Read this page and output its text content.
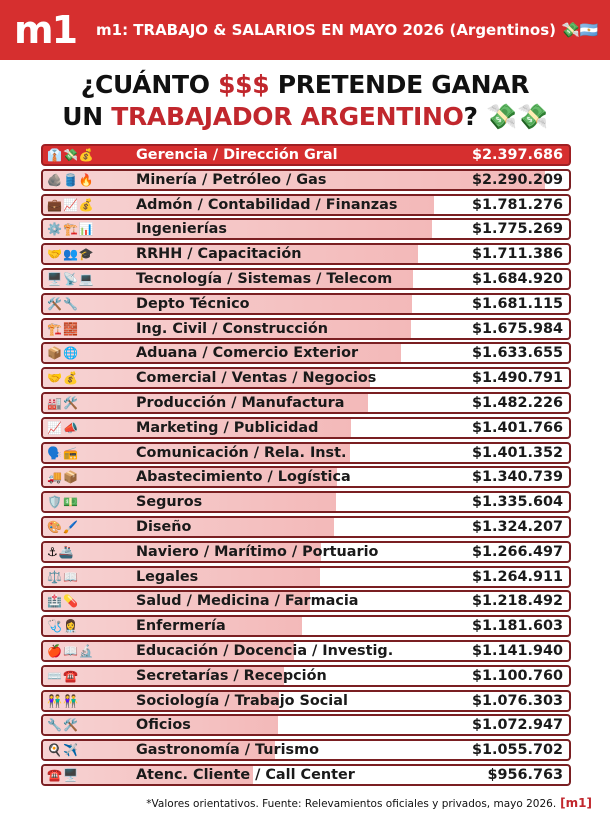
m1 m1: TRABAJO & SALARIOS EN MAYO 2026 (Argentinos) 💸🇦🇷
¿CUÁNTO $$$ PRETENDE GANAR
UN TRABAJADOR ARGENTINO? 💸💸
👔💸💰	Gerencia / Dirección Gral	$2.397.686
🪨🛢️🔥	Minería / Petróleo / Gas	$2.290.209
💼📈💰	Admón / Contabilidad / Finanzas	$1.781.276
⚙️🏗️📊	Ingenierías	$1.775.269
🤝👥🎓	RRHH / Capacitación	$1.711.386
🖥️📡💻	Tecnología / Sistemas / Telecom	$1.684.920
🛠️🔧	Depto Técnico	$1.681.115
🏗️🧱	Ing. Civil / Construcción	$1.675.984
📦🌐	Aduana / Comercio Exterior	$1.633.655
🤝💰	Comercial / Ventas / Negocios	$1.490.791
🏭🛠️	Producción / Manufactura	$1.482.226
📈📣	Marketing / Publicidad	$1.401.766
🗣️📻	Comunicación / Rela. Inst.	$1.401.352
🚚📦	Abastecimiento / Logística	$1.340.739
🛡️💵	Seguros	$1.335.604
🎨🖌️	Diseño	$1.324.207
⚓🚢	Naviero / Marítimo / Portuario	$1.266.497
⚖️📖	Legales	$1.264.911
🏥💊	Salud / Medicina / Farmacia	$1.218.492
🩺👩‍⚕️	Enfermería	$1.181.603
🍎📖🔬	Educación / Docencia / Investig.	$1.141.940
⌨️☎️	Secretarías / Recepción	$1.100.760
👫👫	Sociología / Trabajo Social	$1.076.303
🔧🛠️	Oficios	$1.072.947
🍳✈️	Gastronomía / Turismo	$1.055.702
☎️🖥️	Atenc. Cliente / Call Center	$956.763
*Valores orientativos. Fuente: Relevamientos oficiales y privados, mayo 2026. [m1]
